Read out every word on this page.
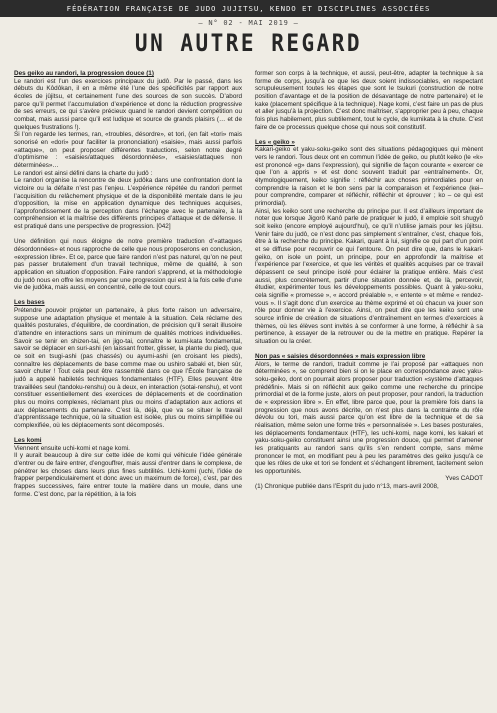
FÉDÉRATION FRANÇAISE DE JUDO JUJITSU, KENDO ET DISCIPLINES ASSOCIÉES
— N° 02 - MAI 2019 —
UN AUTRE REGARD

Des geiko au randori, la progression douce (1)

Le randori est l’un des exercices principaux du judô. Par le passé, dans les débuts du Kôdôkan, il en a même été l’une des spécificités par rapport aux écoles de jûjitsu, et certainement l’une des sources de son succès. D’abord parce qu’il permet l’accumulation d’expérience et donc la réduction progressive de ses erreurs, ce qui s’avère précieux quand le randori devient compétition ou combat, mais aussi parce qu’il est ludique et source de grands plaisirs (… et de quelques frustrations !).

Si l’on regarde les termes, ran, «troubles, désordre», et tori, (en fait «tori» mais sonorisé en «dori» pour faciliter la prononciation) «saisie», mais aussi parfois «attaque», on peut proposer différentes traductions, selon notre degré d’optimisme : «saisies/attaques désordonnées», «saisies/attaques non déterminées»…

Le randori est ainsi défini dans la charte du judô :

Le randori organise la rencontre de deux judôka dans une confrontation dont la victoire ou la défaite n’est pas l’enjeu. L’expérience répétée du randori permet l’acquisition du relâchement physique et de la disponibilité mentale dans le jeu d’opposition, la mise en application dynamique des techniques acquises, l’approfondissement de la perception dans l’échange avec le partenaire, à la compréhension et la maîtrise des différents principes d’attaque et de défense. Il est pratiqué dans une perspective de progression. [042]

Une définition qui nous éloigne de notre première traduction d’«attaques désordonnées» et nous rapproche de celle que nous proposerons en conclusion, «expression libre». Et ce, parce que faire randori n’est pas naturel, qu’on ne peut pas passer brutalement d’un travail technique, même de qualité, à son application en situation d’opposition. Faire randori s’apprend, et la méthodologie du judô nous en offre les moyens par une progression qui est à la fois celle d’une vie de judôka, mais aussi, en concentré, celle de tout cours.

Les bases

Prétendre pouvoir projeter un partenaire, à plus forte raison un adversaire, suppose une adaptation physique et mentale à la situation. Cela réclame des qualités posturales, d’équilibre, de coordination, de précision qu’il serait illusoire d’attendre en interactions sans un minimum de qualités motrices individuelles. Savoir se tenir en shizen-tai, en jigo-tai, connaître le kumi-kata fondamental, savoir se déplacer en suri-ashi (en laissant frotter, glisser, la plante du pied), que ce soit en tsugi-ashi (pas chassés) ou ayumi-ashi (en croisant les pieds), connaître les déplacements de base comme mae ou ushiro sabaki et, bien sûr, savoir chuter ! Tout cela peut être rassemblé dans ce que l’École française de judô a appelé habiletés techniques fondamentales (HTF). Elles peuvent être travaillées seul (tandoku-renshu) ou à deux, en interaction (sotai-renshu), et vont constituer essentiellement des exercices de déplacements et de coordination plus ou moins complexes, réclamant plus ou moins d’adaptation aux actions et aux déplacements du partenaire. C’est là, déjà, que va se situer le travail d’apprentissage technique, où la situation est isolée, plus ou moins simplifiée ou complexifiée, où les déplacements sont décomposés.

Les komi

Viennent ensuite uchi-komi et nage komi.

Il y aurait beaucoup à dire sur cette idée de komi qui véhicule l’idée générale d’entrer ou de faire entrer, d’engouffrer, mais aussi d’entrer dans le complexe, de pénétrer les choses dans leurs plus fines subtilités. Uchi-komi (uchi, l’idée de frapper perpendiculairement et donc avec un maximum de force), c’est, par des frappes successives, faire entrer toute la matière dans un moule, dans une forme. C’est donc, par la répétition, à la fois

former son corps à la technique, et aussi, peut-être, adapter la technique à sa forme de corps, jusqu’à ce que les deux soient indissociables, en respectant scrupuleusement toutes les étapes que sont le tsukuri (construction de notre position d’avantage et de la position de désavantage de notre partenaire) et le kake (placement spécifique à la technique). Nage komi, c’est faire un pas de plus et aller jusqu’à la projection. C’est donc maîtriser, s’approprier peu à peu, chaque fois plus habilement, plus subtilement, tout le cycle, de kumikata à la chute. C’est faire de ce processus quelque chose qui nous soit constitutif.

Les « geiko »

Kakari-geiko et yaku-soku-geiko sont des situations pédagogiques qui mènent vers le randori. Tous deux ont en commun l’idée de geiko, ou plutôt keiko (le «k» est prononcé «g» dans l’expression), qui signifie de façon courante « exercer ce que l’on a appris » et est donc souvent traduit par «entraînement». Or, étymologiquement, keiko signifie : réfléchir aux choses primordiales pour en comprendre la raison et le bon sens par la comparaison et l’expérience (kei– pour comprendre, comparer et réfléchir, réfléchir et éprouver ; ko – ce qui est primordial).

Ainsi, les keiko sont une recherche du principe pur. Il est d’ailleurs important de noter que lorsque Jigorô Kanô parle de pratiquer le judô, il emploie soit shugyô soit keiko (encore employé aujourd’hui), ce qu’il n’utilise jamais pour les jûjitsu. Venir faire du judô, ce n’est donc pas simplement s’entraîner, c’est, chaque fois, être à la recherche du principe. Kakari, quant à lui, signifie ce qui part d’un point et se diffuse pour recouvrir ce qui l’entoure. On peut dire que, dans le kakari-geiko, on isole un point, un principe, pour en approfondir la maîtrise et l’expérience par l’exercice, et que les vérités et qualités acquises par ce travail dépassent ce seul principe isolé pour éclairer la pratique entière. Mais c’est aussi, plus concrètement, partir d’une situation donnée et, de là, percevoir, étudier, expérimenter tous les développements possibles. Quant à yaku-soku, cela signifie « promesse », « accord préalable », « entente » et même « rendez-vous ». Il s’agit donc d’un exercice au thème exprimé et où chacun va jouer son rôle pour donner vie à l’exercice. Ainsi, on peut dire que les keiko sont une source infinie de création de situations d’entraînement en termes d’exercices à thèmes, où les élèves sont invités à se conformer à une forme, à réfléchir à sa pertinence, à essayer de la retrouver ou de la mettre en pratique. Repérer la situation ou la créer.

Non pas « saisies désordonnées » mais expression libre

Alors, le terme de randori, traduit comme je l’ai proposé par «attaques non déterminées », se comprend bien si on le place en correspondance avec yaku-soku-geiko, dont on pourrait alors proposer pour traduction «système d’attaques prédéfini». Mais si on réfléchit aux geiko comme une recherche du principe primordial et de la forme juste, alors on peut proposer, pour randori, la traduction de « expression libre ». En effet, libre parce que, pour la première fois dans la progression que nous avons décrite, on n’est plus dans la contrainte du rôle dévolu ou tori, mais aussi parce qu’on est libre de la technique et de sa réalisation, même selon une forme très « personnalisée ». Les bases posturales, les déplacements fondamentaux (HTF), les uchi-komi, nage komi, les kakari et yaku-soku-geiko constituent ainsi une progression douce, qui permet d’amener les pratiquants au randori sans qu’ils s’en rendent compte, sans même prononcer le mot, en modifiant peu à peu les paramètres des geiko jusqu’à ce que les rôles de uke et tori se fondent et s’échangent librement, tacitement selon les opportunités.

Yves CADOT

(1) Chronique publiée dans l’Esprit du judo n°13, mars-avril 2008,
